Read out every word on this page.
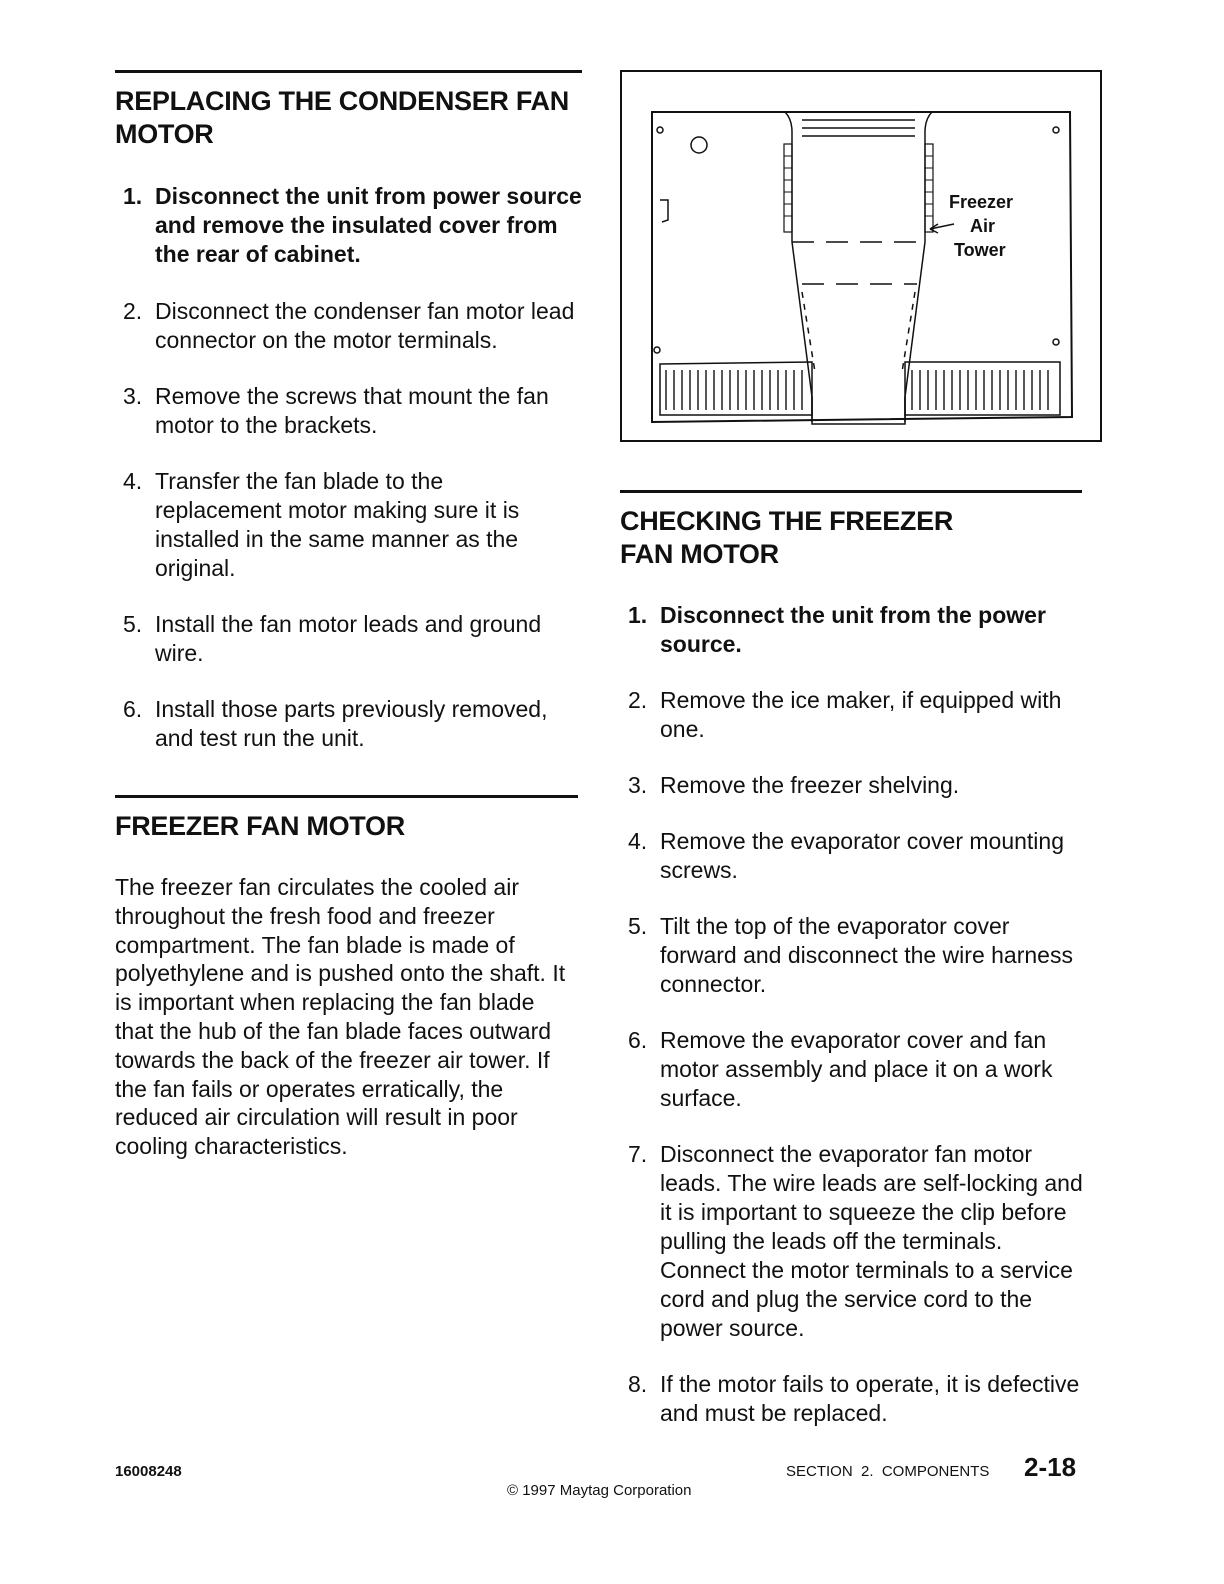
REPLACING THE CONDENSER FAN
MOTOR
1. Disconnect the unit from power source and remove the insulated cover from the rear of cabinet.
2. Disconnect the condenser fan motor lead connector on the motor terminals.
3. Remove the screws that mount the fan motor to the brackets.
4. Transfer the fan blade to the replacement motor making sure it is installed in the same manner as the original.
5. Install the fan motor leads and ground wire.
6. Install those parts previously removed, and test run the unit.
FREEZER FAN MOTOR

The freezer fan circulates the cooled air throughout the fresh food and freezer compartment. The fan blade is made of polyethylene and is pushed onto the shaft. It is important when replacing the fan blade that the hub of the fan blade faces outward towards the back of the freezer air tower. If the fan fails or operates erratically, the reduced air circulation will result in poor cooling characteristics.

Freezer
Air
Tower
CHECKING THE FREEZER
FAN MOTOR
1. Disconnect the unit from the power source.
2. Remove the ice maker, if equipped with one.
3. Remove the freezer shelving.
4. Remove the evaporator cover mounting screws.
5. Tilt the top of the evaporator cover forward and disconnect the wire harness connector.
6. Remove the evaporator cover and fan motor assembly and place it on a work surface.
7. Disconnect the evaporator fan motor leads. The wire leads are self-locking and it is important to squeeze the clip before pulling the leads off the terminals. Connect the motor terminals to a service cord and plug the service cord to the power source.
8. If the motor fails to operate, it is defective and must be replaced.
16008248	SECTION  2.  COMPONENTS 2-18
© 1997 Maytag Corporation
